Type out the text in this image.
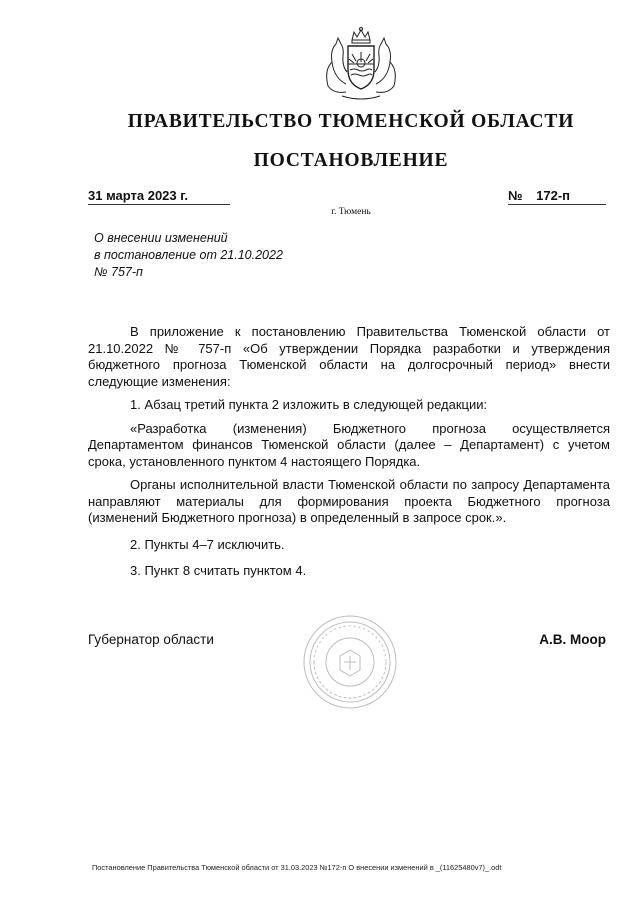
ПРАВИТЕЛЬСТВО ТЮМЕНСКОЙ ОБЛАСТИ
ПОСТАНОВЛЕНИЕ
31 марта 2023 г.	№ 172-п
г. Тюмень
О внесении изменений
в постановление от 21.10.2022
№ 757-п

В приложение к постановлению Правительства Тюменской области от 21.10.2022 № 757-п «Об утверждении Порядка разработки и утверждения бюджетного прогноза Тюменской области на долгосрочный период» внести следующие изменения:

1. Абзац третий пункта 2 изложить в следующей редакции:

«Разработка (изменения) Бюджетного прогноза осуществляется Департаментом финансов Тюменской области (далее – Департамент) с учетом срока, установленного пунктом 4 настоящего Порядка.

Органы исполнительной власти Тюменской области по запросу Департамента направляют материалы для формирования проекта Бюджетного прогноза (изменений Бюджетного прогноза) в определенный в запросе срок.».

2. Пункты 4–7 исключить.

3. Пункт 8 считать пунктом 4.

Губернатор области	А.В. Моор
Постановление Правительства Тюменской области от 31.03.2023 №172-п О внесении изменений в _(11625480v7)_.odt
